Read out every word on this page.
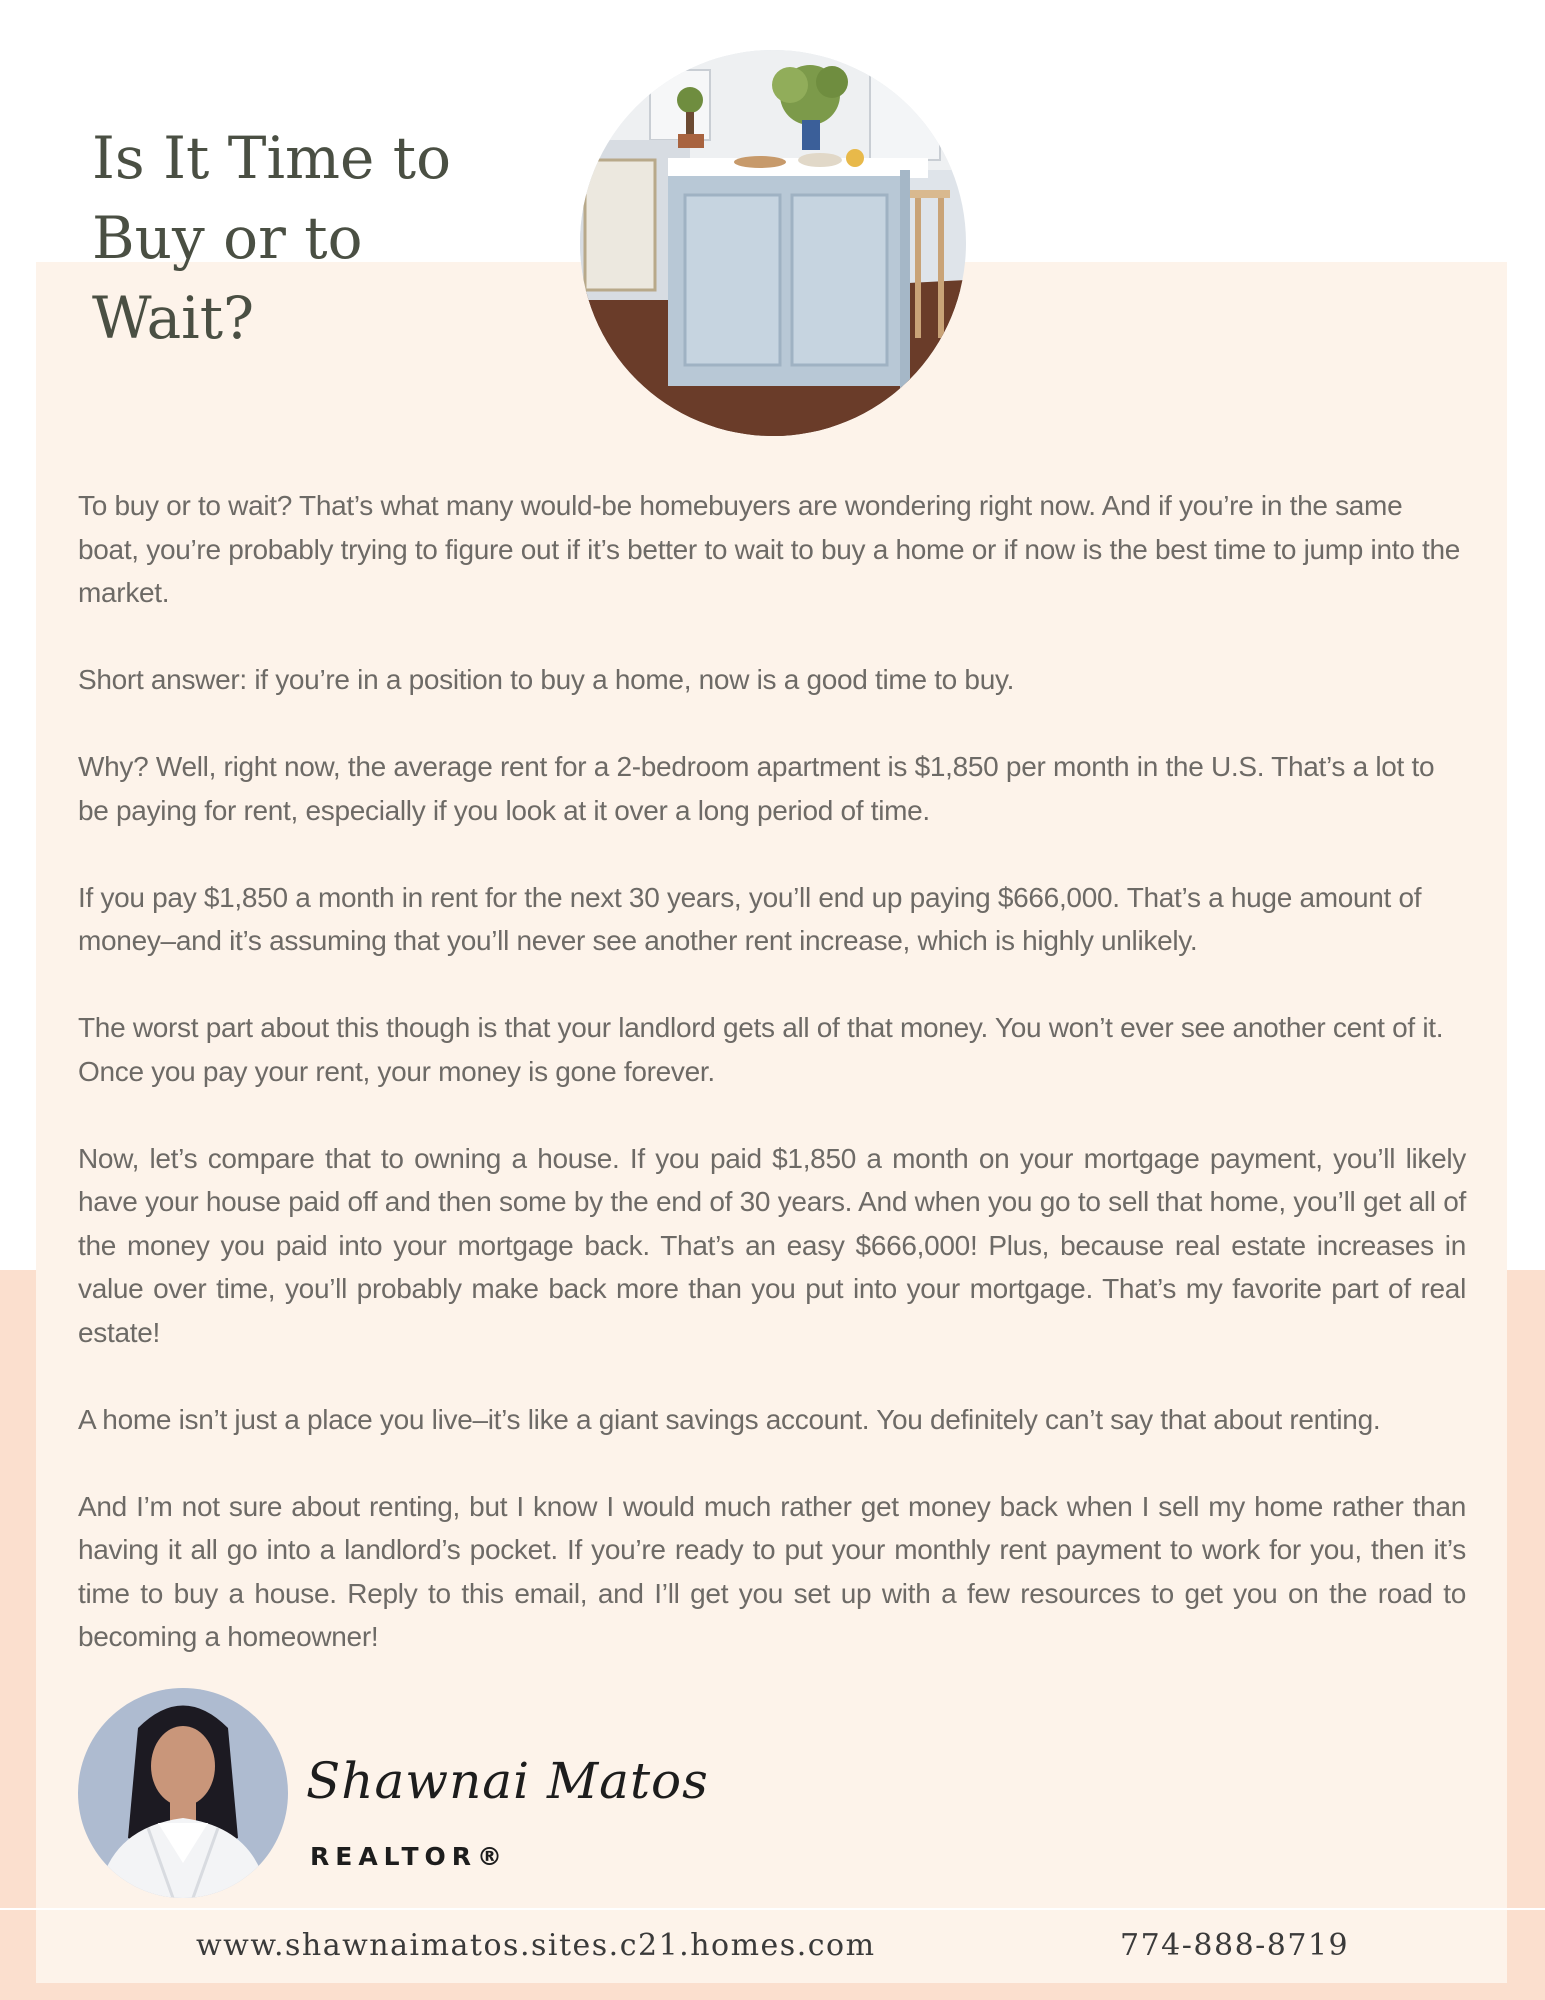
Is It Time to Buy or to Wait?

To buy or to wait? That’s what many would-be homebuyers are wondering right now. And if you’re in the same boat, you’re probably trying to figure out if it’s better to wait to buy a home or if now is the best time to jump into the market.

Short answer: if you’re in a position to buy a home, now is a good time to buy.

Why? Well, right now, the average rent for a 2-bedroom apartment is $1,850 per month in the U.S. That’s a lot to be paying for rent, especially if you look at it over a long period of time.

If you pay $1,850 a month in rent for the next 30 years, you’ll end up paying $666,000. That’s a huge amount of money–and it’s assuming that you’ll never see another rent increase, which is highly unlikely.

The worst part about this though is that your landlord gets all of that money. You won’t ever see another cent of it. Once you pay your rent, your money is gone forever.

Now, let’s compare that to owning a house. If you paid $1,850 a month on your mortgage payment, you’ll likely have your house paid off and then some by the end of 30 years. And when you go to sell that home, you’ll get all of the money you paid into your mortgage back. That’s an easy $666,000! Plus, because real estate increases in value over time, you’ll probably make back more than you put into your mortgage. That’s my favorite part of real estate!

A home isn’t just a place you live–it’s like a giant savings account. You definitely can’t say that about renting.

And I’m not sure about renting, but I know I would much rather get money back when I sell my home rather than having it all go into a landlord’s pocket. If you’re ready to put your monthly rent payment to work for you, then it’s time to buy a house. Reply to this email, and I’ll get you set up with a few resources to get you on the road to becoming a homeowner!

Shawnai Matos
REALTOR®
www.shawnaimatos.sites.c21.homes.com	774-888-8719
